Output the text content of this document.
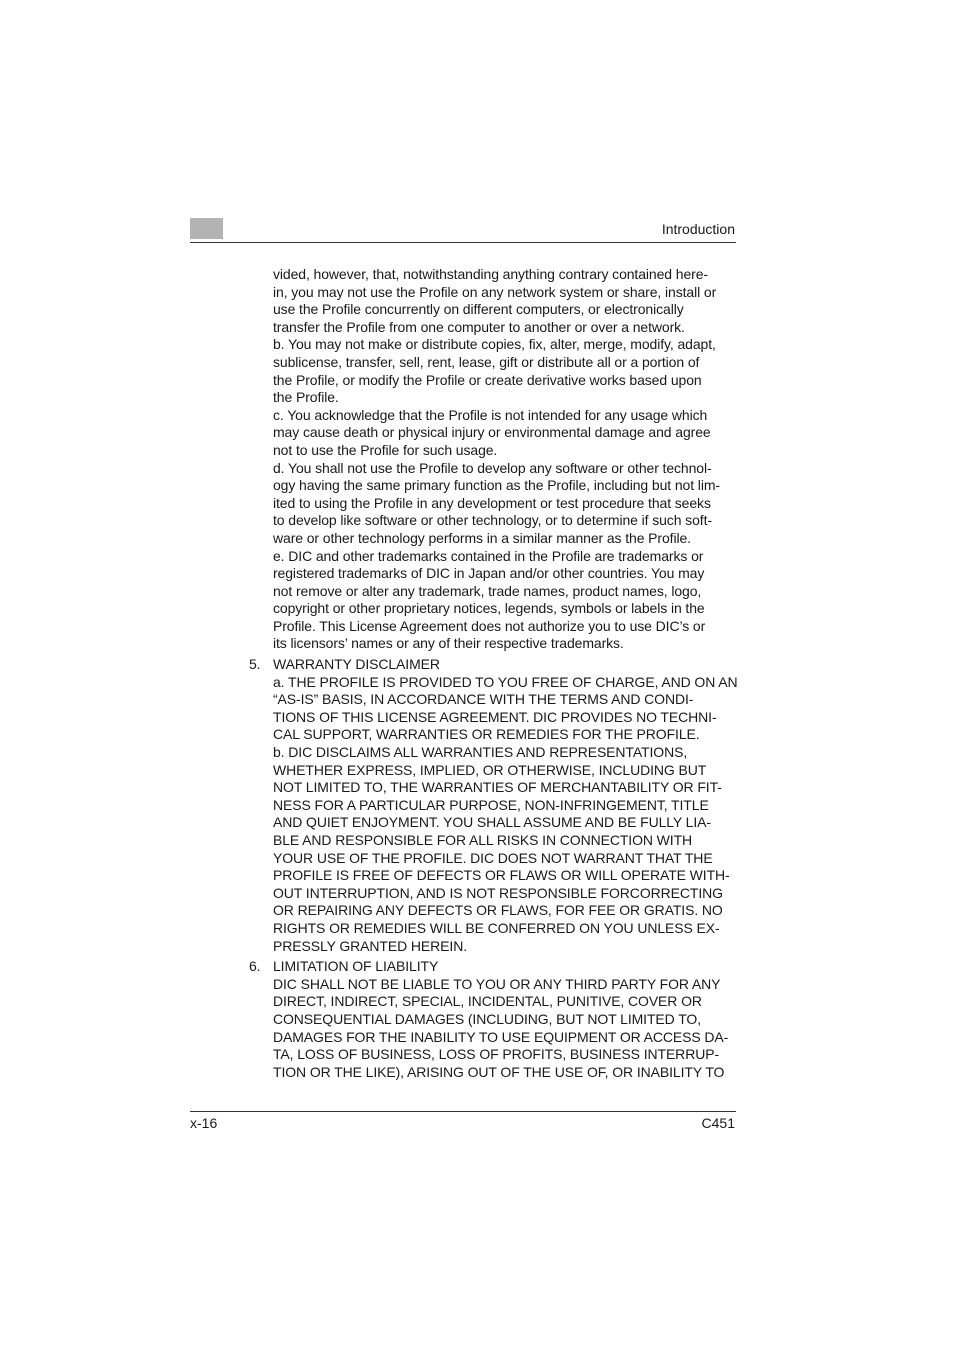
Introduction
vided, however, that, notwithstanding anything contrary contained here-
in, you may not use the Profile on any network system or share, install or
use the Profile concurrently on different computers, or electronically
transfer the Profile from one computer to another or over a network.
b. You may not make or distribute copies, fix, alter, merge, modify, adapt,
sublicense, transfer, sell, rent, lease, gift or distribute all or a portion of
the Profile, or modify the Profile or create derivative works based upon
the Profile.
c. You acknowledge that the Profile is not intended for any usage which
may cause death or physical injury or environmental damage and agree
not to use the Profile for such usage.
d. You shall not use the Profile to develop any software or other technol-
ogy having the same primary function as the Profile, including but not lim-
ited to using the Profile in any development or test procedure that seeks
to develop like software or other technology, or to determine if such soft-
ware or other technology performs in a similar manner as the Profile.
e. DIC and other trademarks contained in the Profile are trademarks or
registered trademarks of DIC in Japan and/or other countries. You may
not remove or alter any trademark, trade names, product names, logo,
copyright or other proprietary notices, legends, symbols or labels in the
Profile. This License Agreement does not authorize you to use DIC’s or
its licensors’ names or any of their respective trademarks.
5. WARRANTY DISCLAIMER
a. THE PROFILE IS PROVIDED TO YOU FREE OF CHARGE, AND ON AN
“AS-IS” BASIS, IN ACCORDANCE WITH THE TERMS AND CONDI-
TIONS OF THIS LICENSE AGREEMENT. DIC PROVIDES NO TECHNI-
CAL SUPPORT, WARRANTIES OR REMEDIES FOR THE PROFILE.
b. DIC DISCLAIMS ALL WARRANTIES AND REPRESENTATIONS,
WHETHER EXPRESS, IMPLIED, OR OTHERWISE, INCLUDING BUT
NOT LIMITED TO, THE WARRANTIES OF MERCHANTABILITY OR FIT-
NESS FOR A PARTICULAR PURPOSE, NON-INFRINGEMENT, TITLE
AND QUIET ENJOYMENT. YOU SHALL ASSUME AND BE FULLY LIA-
BLE AND RESPONSIBLE FOR ALL RISKS IN CONNECTION WITH
YOUR USE OF THE PROFILE. DIC DOES NOT WARRANT THAT THE
PROFILE IS FREE OF DEFECTS OR FLAWS OR WILL OPERATE WITH-
OUT INTERRUPTION, AND IS NOT RESPONSIBLE FORCORRECTING
OR REPAIRING ANY DEFECTS OR FLAWS, FOR FEE OR GRATIS. NO
RIGHTS OR REMEDIES WILL BE CONFERRED ON YOU UNLESS EX-
PRESSLY GRANTED HEREIN.
6. LIMITATION OF LIABILITY
DIC SHALL NOT BE LIABLE TO YOU OR ANY THIRD PARTY FOR ANY
DIRECT, INDIRECT, SPECIAL, INCIDENTAL, PUNITIVE, COVER OR
CONSEQUENTIAL DAMAGES (INCLUDING, BUT NOT LIMITED TO,
DAMAGES FOR THE INABILITY TO USE EQUIPMENT OR ACCESS DA-
TA, LOSS OF BUSINESS, LOSS OF PROFITS, BUSINESS INTERRUP-
TION OR THE LIKE), ARISING OUT OF THE USE OF, OR INABILITY TO
x-16	C451
